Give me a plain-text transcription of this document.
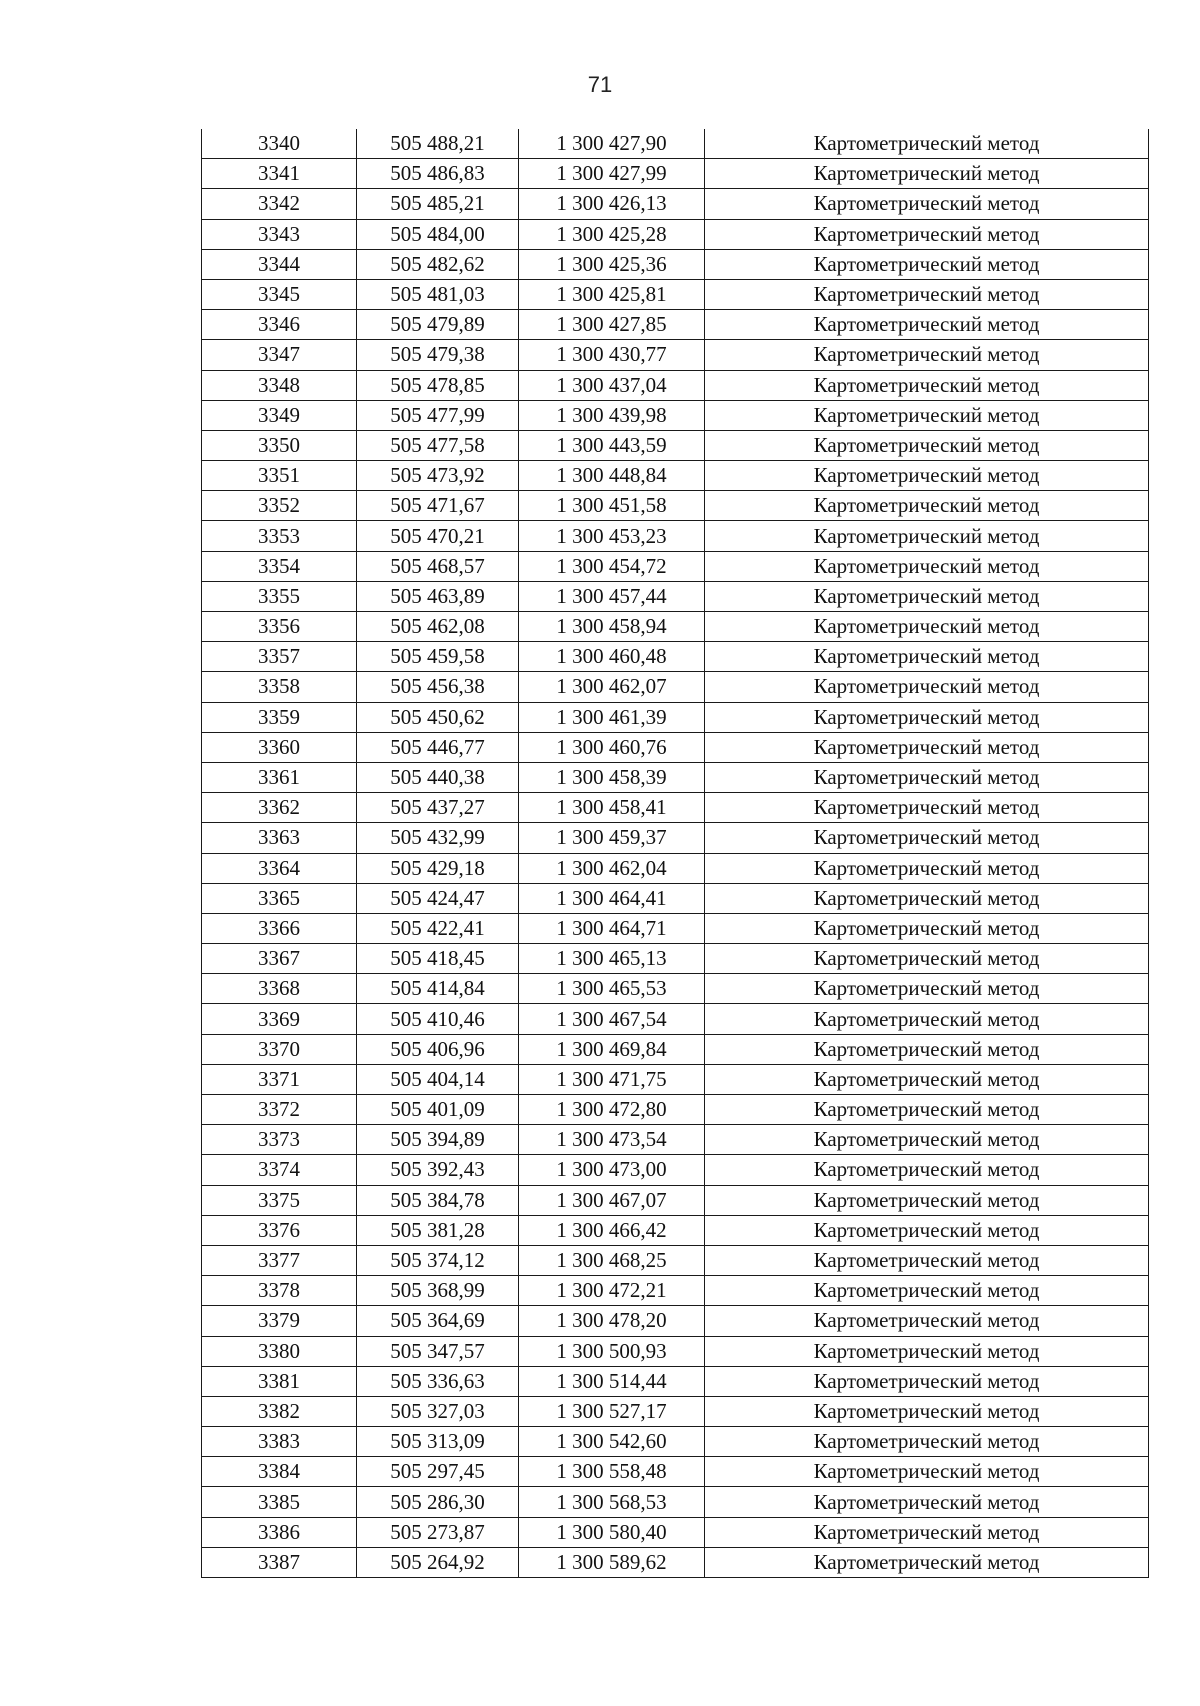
71
3340	505 488,21	1 300 427,90	Картометрический метод
3341	505 486,83	1 300 427,99	Картометрический метод
3342	505 485,21	1 300 426,13	Картометрический метод
3343	505 484,00	1 300 425,28	Картометрический метод
3344	505 482,62	1 300 425,36	Картометрический метод
3345	505 481,03	1 300 425,81	Картометрический метод
3346	505 479,89	1 300 427,85	Картометрический метод
3347	505 479,38	1 300 430,77	Картометрический метод
3348	505 478,85	1 300 437,04	Картометрический метод
3349	505 477,99	1 300 439,98	Картометрический метод
3350	505 477,58	1 300 443,59	Картометрический метод
3351	505 473,92	1 300 448,84	Картометрический метод
3352	505 471,67	1 300 451,58	Картометрический метод
3353	505 470,21	1 300 453,23	Картометрический метод
3354	505 468,57	1 300 454,72	Картометрический метод
3355	505 463,89	1 300 457,44	Картометрический метод
3356	505 462,08	1 300 458,94	Картометрический метод
3357	505 459,58	1 300 460,48	Картометрический метод
3358	505 456,38	1 300 462,07	Картометрический метод
3359	505 450,62	1 300 461,39	Картометрический метод
3360	505 446,77	1 300 460,76	Картометрический метод
3361	505 440,38	1 300 458,39	Картометрический метод
3362	505 437,27	1 300 458,41	Картометрический метод
3363	505 432,99	1 300 459,37	Картометрический метод
3364	505 429,18	1 300 462,04	Картометрический метод
3365	505 424,47	1 300 464,41	Картометрический метод
3366	505 422,41	1 300 464,71	Картометрический метод
3367	505 418,45	1 300 465,13	Картометрический метод
3368	505 414,84	1 300 465,53	Картометрический метод
3369	505 410,46	1 300 467,54	Картометрический метод
3370	505 406,96	1 300 469,84	Картометрический метод
3371	505 404,14	1 300 471,75	Картометрический метод
3372	505 401,09	1 300 472,80	Картометрический метод
3373	505 394,89	1 300 473,54	Картометрический метод
3374	505 392,43	1 300 473,00	Картометрический метод
3375	505 384,78	1 300 467,07	Картометрический метод
3376	505 381,28	1 300 466,42	Картометрический метод
3377	505 374,12	1 300 468,25	Картометрический метод
3378	505 368,99	1 300 472,21	Картометрический метод
3379	505 364,69	1 300 478,20	Картометрический метод
3380	505 347,57	1 300 500,93	Картометрический метод
3381	505 336,63	1 300 514,44	Картометрический метод
3382	505 327,03	1 300 527,17	Картометрический метод
3383	505 313,09	1 300 542,60	Картометрический метод
3384	505 297,45	1 300 558,48	Картометрический метод
3385	505 286,30	1 300 568,53	Картометрический метод
3386	505 273,87	1 300 580,40	Картометрический метод
3387	505 264,92	1 300 589,62	Картометрический метод
